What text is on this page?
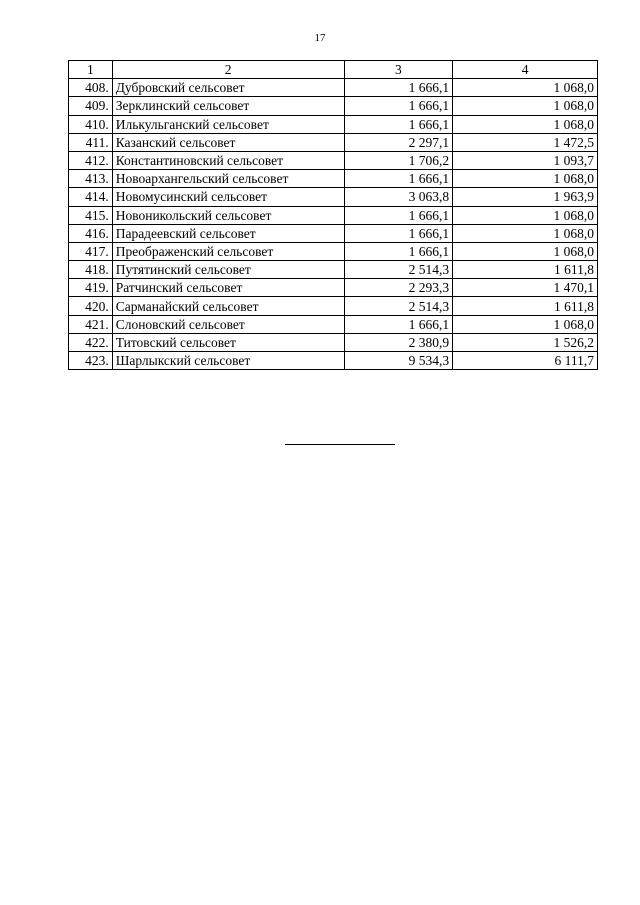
17
1	2	3	4
408.	Дубровский сельсовет	1 666,1	1 068,0
409.	Зерклинский сельсовет	1 666,1	1 068,0
410.	Илькульганский сельсовет	1 666,1	1 068,0
411.	Казанский сельсовет	2 297,1	1 472,5
412.	Константиновский сельсовет	1 706,2	1 093,7
413.	Новоархангельский сельсовет	1 666,1	1 068,0
414.	Новомусинский сельсовет	3 063,8	1 963,9
415.	Новоникольский сельсовет	1 666,1	1 068,0
416.	Парадеевский сельсовет	1 666,1	1 068,0
417.	Преображенский сельсовет	1 666,1	1 068,0
418.	Путятинский сельсовет	2 514,3	1 611,8
419.	Ратчинский сельсовет	2 293,3	1 470,1
420.	Сарманайский сельсовет	2 514,3	1 611,8
421.	Слоновский сельсовет	1 666,1	1 068,0
422.	Титовский сельсовет	2 380,9	1 526,2
423.	Шарлыкский сельсовет	9 534,3	6 111,7
